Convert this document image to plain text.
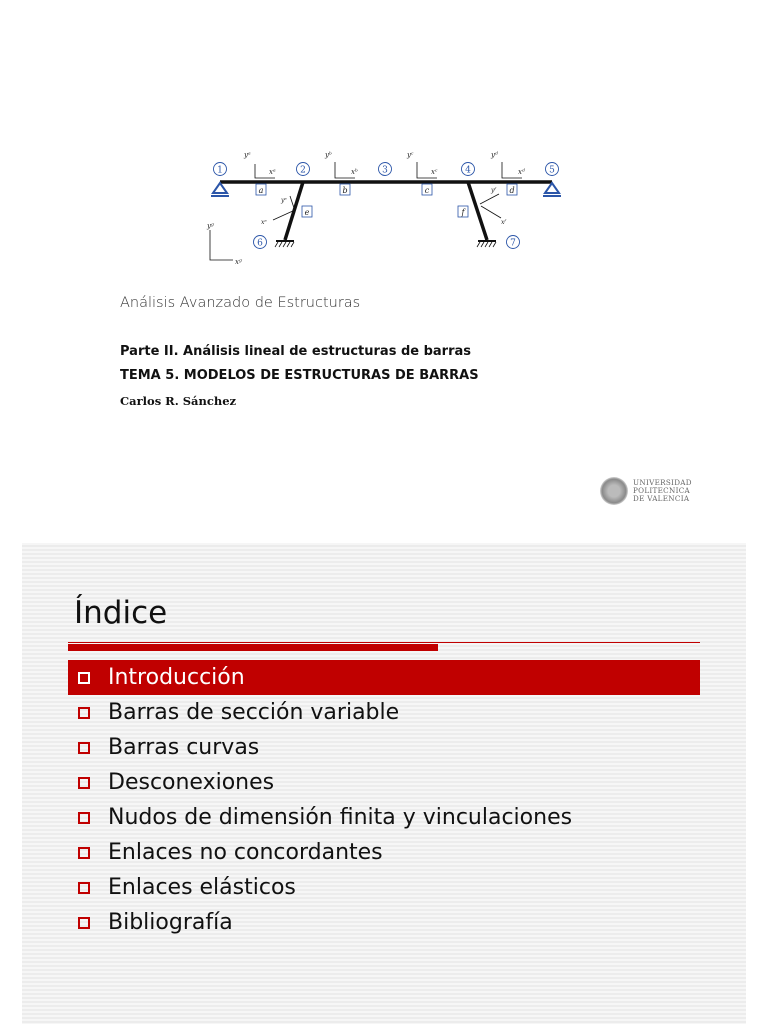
yᵃ
xᵃ
yᵇ
xᵇ
yᶜ
xᶜ
yᵈ
xᵈ
yᵉ
xᵉ
yᶠ
xᶠ
yᵍ
xᵍ
1	2	3	4	5
6	7
a	b	c	d
e	f
Análisis Avanzado de Estructuras
Parte II. Análisis lineal de estructuras de barras
TEMA 5. MODELOS DE ESTRUCTURAS DE BARRAS
Carlos R. Sánchez
UNIVERSIDAD
POLITECNICA
DE VALENCIA
Índice
Introducción
Barras de sección variable
Barras curvas
Desconexiones
Nudos de dimensión finita y vinculaciones
Enlaces no concordantes
Enlaces elásticos
Bibliografía
